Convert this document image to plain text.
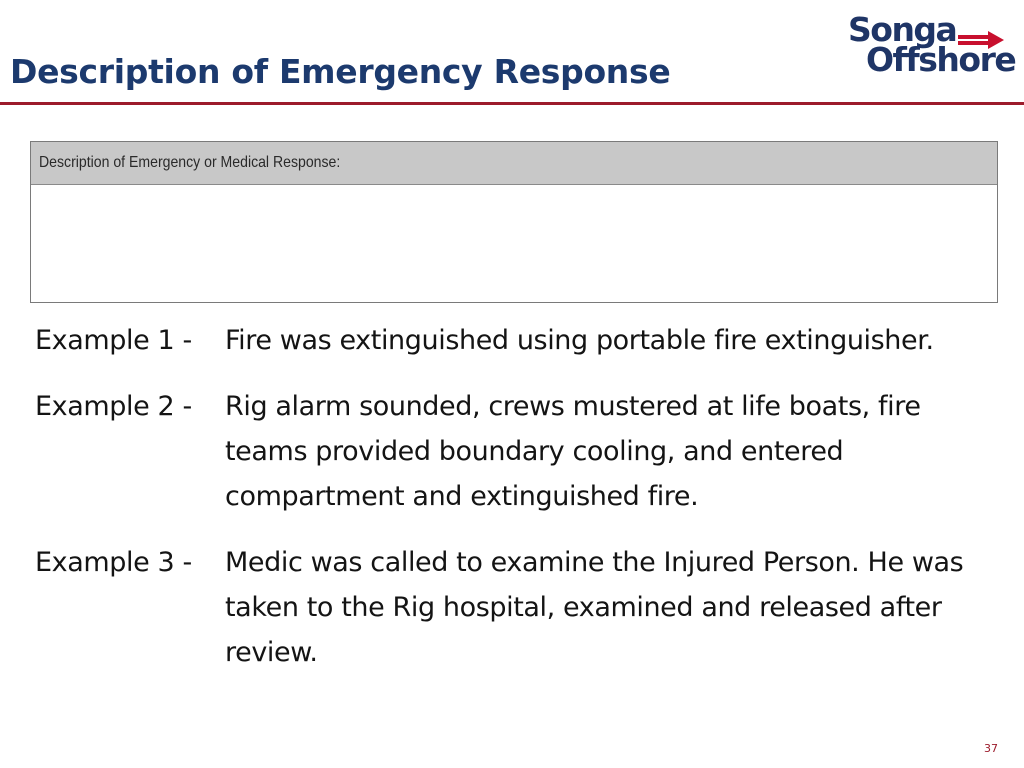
Description of Emergency Response
Songa
Offshore
Description of Emergency or Medical Response:
Example 1 -	Fire was extinguished using portable fire extinguisher.
Example 2 -	Rig alarm sounded, crews mustered at life boats, fire teams provided boundary cooling, and entered compartment and extinguished fire.
Example 3 -	Medic was called to examine the Injured Person. He was taken to the Rig hospital, examined and released after review.
37
